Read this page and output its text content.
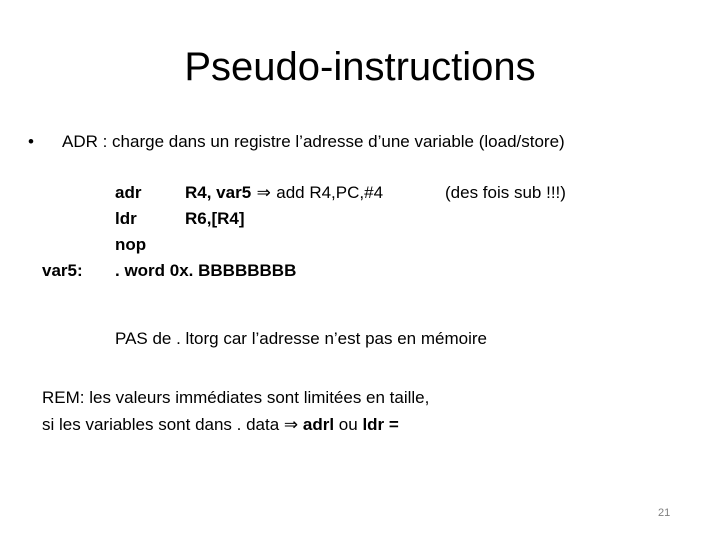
Pseudo-instructions
• ADR : charge dans un registre l’adresse d’une variable (load/store)
adr	R4, var5 ⇒ add R4,PC,#4	(des fois sub !!!)
ldr	R6,[R4]
nop
var5: . word 0x. BBBBBBBB
PAS de . ltorg car l’adresse n’est pas en mémoire
REM: les valeurs immédiates sont limitées en taille,
si les variables sont dans . data ⇒ adrl ou ldr =
21
